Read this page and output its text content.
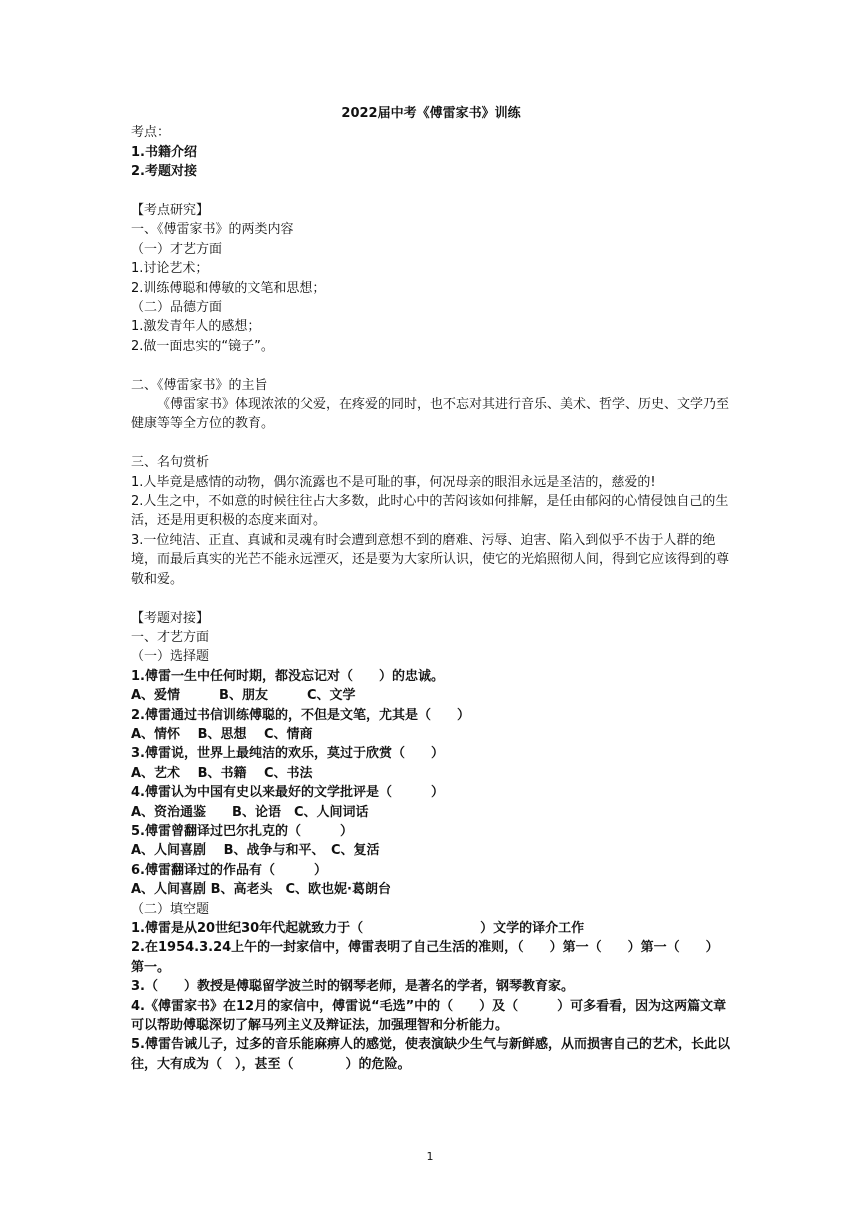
2022届中考《傅雷家书》训练

考点：

1.书籍介绍

2.考题对接

【考点研究】

一、《傅雷家书》的两类内容

（一）才艺方面

1.讨论艺术；

2.训练傅聪和傅敏的文笔和思想；

（二）品德方面

1.激发青年人的感想；

2.做一面忠实的“镜子”。

二、《傅雷家书》的主旨

《傅雷家书》体现浓浓的父爱，在疼爱的同时，也不忘对其进行音乐、美术、哲学、历史、文学乃至健康等等全方位的教育。

三、名句赏析

1.人毕竟是感情的动物，偶尔流露也不是可耻的事，何况母亲的眼泪永远是圣洁的，慈爱的!

2.人生之中，不如意的时候往往占大多数，此时心中的苦闷该如何排解，是任由郁闷的心情侵蚀自己的生活，还是用更积极的态度来面对。

3.一位纯洁、正直、真诚和灵魂有时会遭到意想不到的磨难、污辱、迫害、陷入到似乎不齿于人群的绝境，而最后真实的光芒不能永远湮灭，还是要为大家所认识，使它的光焰照彻人间，得到它应该得到的尊敬和爱。

【考题对接】

一、才艺方面

（一）选择题

1.傅雷一生中任何时期，都没忘记对（　　）的忠诚。

A、爱情　　　B、朋友　　　C、文学

2.傅雷通过书信训练傅聪的，不但是文笔，尤其是（　　）

A、情怀　 B、思想　 C、情商

3.傅雷说，世界上最纯洁的欢乐，莫过于欣赏（　　）

A、艺术　 B、书籍　 C、书法

4.傅雷认为中国有史以来最好的文学批评是（　　　）

A、资治通鉴　　B、论语　C、人间词话

5.傅雷曾翻译过巴尔扎克的（　　　）

A、人间喜剧　 B、战争与和平、　C、复活

6.傅雷翻译过的作品有（　　　）

A、人间喜剧 B、高老头　C、欧也妮·葛朗台

（二）填空题

1.傅雷是从20世纪30年代起就致力于（　　　　　　　　　）文学的译介工作

2.在1954.3.24上午的一封家信中，傅雷表明了自己生活的准则，（　　）第一（　　）第一（　　）第一。

3.（　　）教授是傅聪留学波兰时的钢琴老师，是著名的学者，钢琴教育家。

4.《傅雷家书》在12月的家信中，傅雷说“毛选”中的（　　）及（　　　）可多看看，因为这两篇文章可以帮助傅聪深切了解马列主义及辩证法，加强理智和分析能力。

5.傅雷告诫儿子，过多的音乐能麻痹人的感觉，使表演缺少生气与新鲜感，从而损害自己的艺术，长此以往，大有成为（　），甚至（　　　　）的危险。

1
